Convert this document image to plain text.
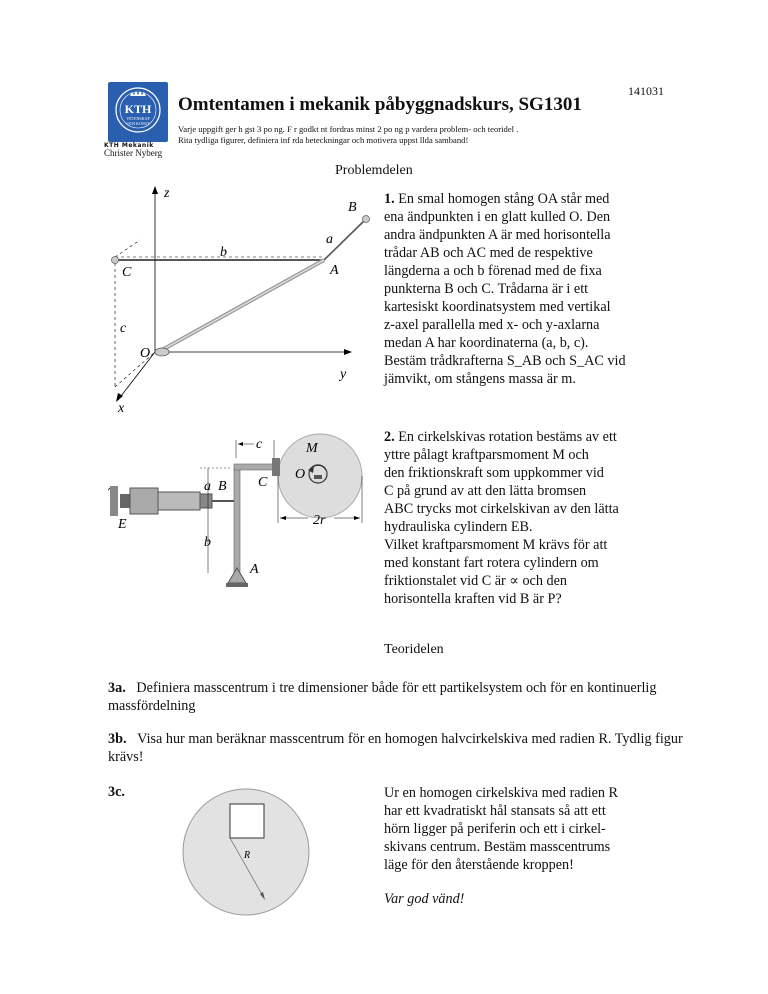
141031
KTH
VETENSKAP
OCH KONST
KTH Mekanik
Christer Nyberg
Omtentamen i mekanik påbyggnadskurs, SG1301
Varje uppgift ger h gst 3 po ng. F r godkt nt fordras minst 2 po ng p vardera problem- och teoridel .
Rita tydliga figurer, definiera inf rda beteckningar och motivera uppst llda samband!
Problemdelen
z
B
a
b
C	A
c
O
y
x
1. En smal homogen stång OA står med
ena ändpunkten i en glatt kulled O. Den
andra ändpunkten A är med horisontella
trådar AB och AC med de respektive
längderna a och b förenad med de fixa
punkterna B och C. Trådarna är i ett
kartesiskt koordinatsystem med vertikal
z-axel parallella med x- och y-axlarna
medan A har koordinaterna (a, b, c).
Bestäm trådkrafterna S_AB och S_AC vid
jämvikt, om stångens massa är m.
M
O
2r
E
c
a B C
b
A
2. En cirkelskivas rotation bestäms av ett
yttre pålagt kraftparsmoment M och
den friktionskraft som uppkommer vid
C på grund av att den lätta bromsen
ABC trycks mot cirkelskivan av den lätta
hydrauliska cylindern EB.
Vilket kraftparsmoment M krävs för att
med konstant fart rotera cylindern om
friktionstalet vid C är ∝ och den
horisontella kraften vid B är P?
Teoridelen
3a. Definiera masscentrum i tre dimensioner både för ett partikelsystem och för en kontinuerlig massfördelning
3b. Visa hur man beräknar masscentrum för en homogen halvcirkelskiva med radien R. Tydlig figur krävs!
3c.
R
Ur en homogen cirkelskiva med radien R
har ett kvadratiskt hål stansats så att ett
hörn ligger på periferin och ett i cirkel-
skivans centrum. Bestäm masscentrums
läge för den återstående kroppen!
Var god vänd!
